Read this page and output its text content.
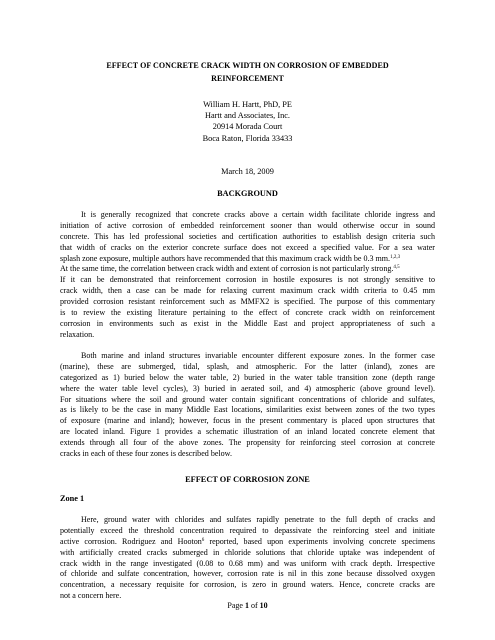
EFFECT OF CONCRETE CRACK WIDTH ON CORROSION OF EMBEDDED
REINFORCEMENT
William H. Hartt, PhD, PE
Hartt and Associates, Inc.
20914 Morada Court
Boca Raton, Florida 33433
March 18, 2009
BACKGROUND
It is generally recognized that concrete cracks above a certain width facilitate chloride ingress and
initiation of active corrosion of embedded reinforcement sooner than would otherwise occur in sound
concrete. This has led professional societies and certification authorities to establish design criteria such
that width of cracks on the exterior concrete surface does not exceed a specified value. For a sea water
splash zone exposure, multiple authors have recommended that this maximum crack width be 0.3 mm.$^{1,2,3}$
At the same time, the correlation between crack width and extent of corrosion is not particularly strong.$^{4,5}$
If it can be demonstrated that reinforcement corrosion in hostile exposures is not strongly sensitive to
crack width, then a case can be made for relaxing current maximum crack width criteria to 0.45 mm
provided corrosion resistant reinforcement such as MMFX2 is specified. The purpose of this commentary
is to review the existing literature pertaining to the effect of concrete crack width on reinforcement
corrosion in environments such as exist in the Middle East and project appropriateness of such a
relaxation.
Both marine and inland structures invariable encounter different exposure zones. In the former case
(marine), these are submerged, tidal, splash, and atmospheric. For the latter (inland), zones are
categorized as 1) buried below the water table, 2) buried in the water table transition zone (depth range
where the water table level cycles), 3) buried in aerated soil, and 4) atmospheric (above ground level).
For situations where the soil and ground water contain significant concentrations of chloride and sulfates,
as is likely to be the case in many Middle East locations, similarities exist between zones of the two types
of exposure (marine and inland); however, focus in the present commentary is placed upon structures that
are located inland. Figure 1 provides a schematic illustration of an inland located concrete element that
extends through all four of the above zones. The propensity for reinforcing steel corrosion at concrete
cracks in each of these four zones is described below.
EFFECT OF CORROSION ZONE
Zone 1
Here, ground water with chlorides and sulfates rapidly penetrate to the full depth of cracks and
potentially exceed the threshold concentration required to depassivate the reinforcing steel and initiate
active corrosion. Rodriguez and Hooton$^6$ reported, based upon experiments involving concrete specimens
with artificially created cracks submerged in chloride solutions that chloride uptake was independent of
crack width in the range investigated (0.08 to 0.68 mm) and was uniform with crack depth. Irrespective
of chloride and sulfate concentration, however, corrosion rate is nil in this zone because dissolved oxygen
concentration, a necessary requisite for corrosion, is zero in ground waters. Hence, concrete cracks are
not a concern here.
Page 1 of 10
